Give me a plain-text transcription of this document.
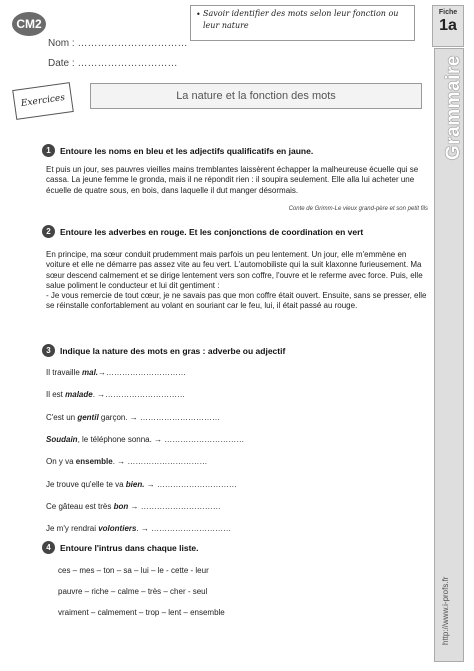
CM2
Nom : ……………………………
Date : …………………………
• Savoir identifier des mots selon leur fonction ou leur nature
Fiche
1a
Grammaire
http://www.i-profs.fr
Exercices	La nature et la fonction des mots
1	Entoure les noms en bleu et les adjectifs qualificatifs en jaune.
Et puis un jour, ses pauvres vieilles mains tremblantes laissèrent échapper la malheureuse écuelle qui se cassa. La jeune femme le gronda, mais il ne répondit rien : il soupira seulement. Elle alla lui acheter une écuelle de quatre sous, en bois, dans laquelle il dut manger désormais.
Conte de Grimm-Le vieux grand-père et son petit fils
2	Entoure les adverbes en rouge. Et les conjonctions de coordination en vert
En principe, ma sœur conduit prudemment mais parfois un peu lentement. Un jour, elle m'emmène en voiture et elle ne démarre pas assez vite au feu vert. L'automobiliste qui la suit klaxonne furieusement. Ma sœur descend calmement et se dirige lentement vers son coffre, l'ouvre et le referme avec force. Puis, elle salue poliment le conducteur et lui dit gentiment :
- Je vous remercie de tout cœur, je ne savais pas que mon coffre était ouvert. Ensuite, sans se presser, elle se réinstalle confortablement au volant en souriant car le feu, lui, il était passé au rouge.
3	Indique la nature des mots en gras : adverbe ou adjectif
Il travaille mal.→…………………………
Il est malade. →…………………………
C'est un gentil garçon. → …………………………
Soudain, le téléphone sonna. → …………………………
On y va ensemble. → …………………………
Je trouve qu'elle te va bien. → …………………………
Ce gâteau est très bon → …………………………
Je m'y rendrai volontiers. → …………………………
4	Entoure l'intrus dans chaque liste.
ces – mes – ton – sa – lui – le - cette - leur
pauvre – riche – calme – très – cher - seul
vraiment – calmement – trop – lent – ensemble
